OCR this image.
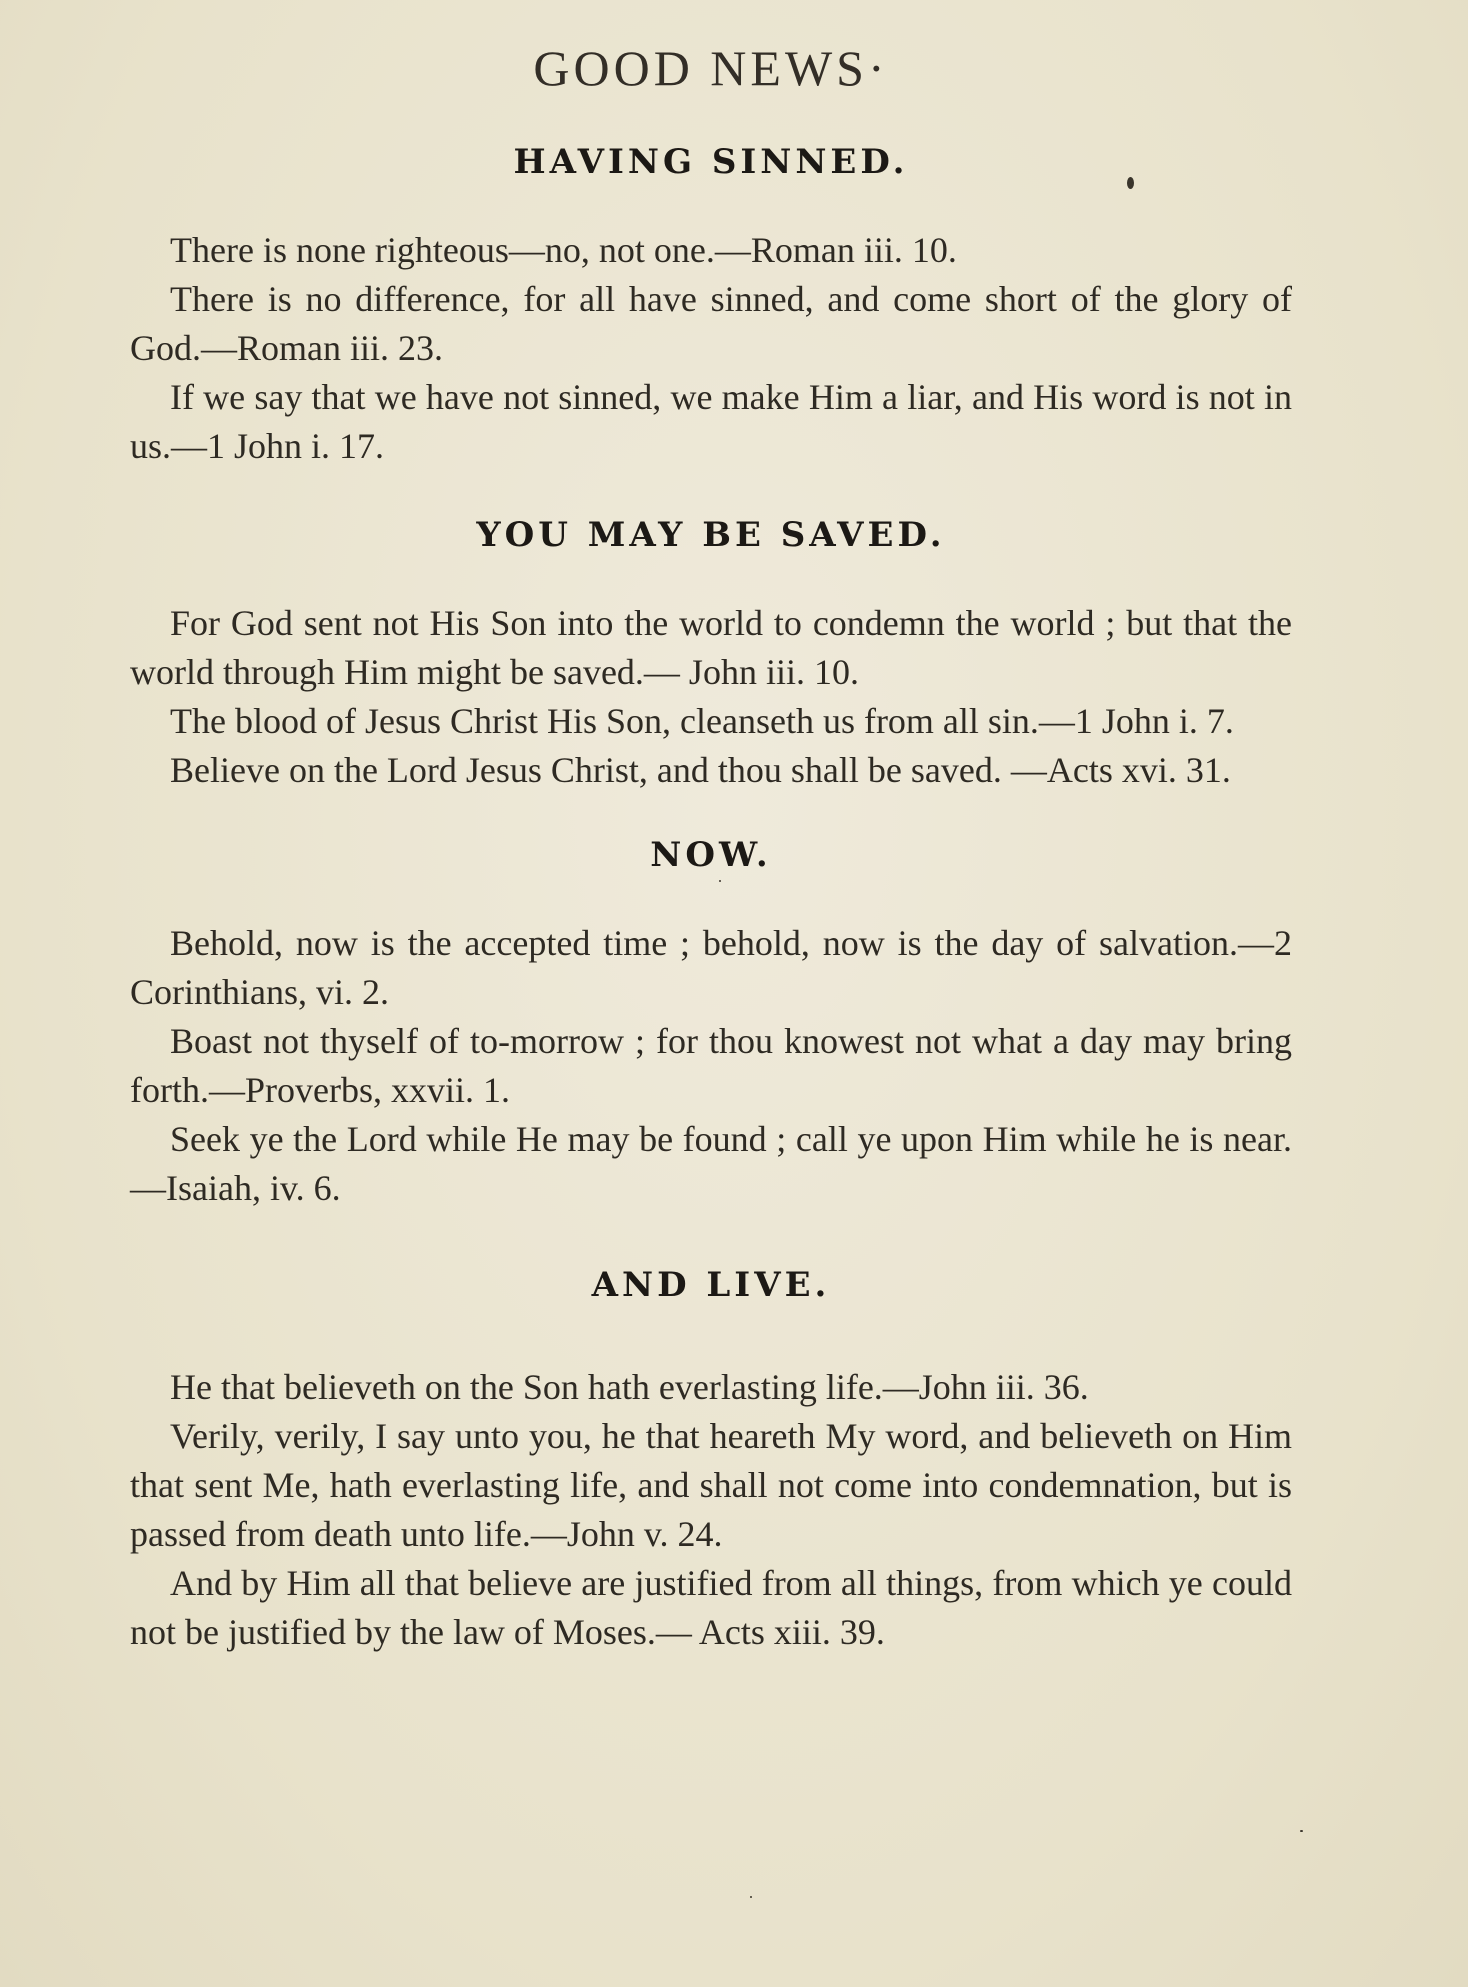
GOOD NEWS·
HAVING SINNED.

There is none righteous—no, not one.—Roman iii. 10.

There is no difference, for all have sinned, and come short of the glory of God.—Roman iii. 23.

If we say that we have not sinned, we make Him a liar, and His word is not in us.—1 John i. 17.

YOU MAY BE SAVED.

For God sent not His Son into the world to condemn the world ; but that the world through Him might be saved.— John iii. 10.

The blood of Jesus Christ His Son, cleanseth us from all sin.—1 John i. 7.

Believe on the Lord Jesus Christ, and thou shall be saved. —Acts xvi. 31.

NOW.

Behold, now is the accepted time ; behold, now is the day of salvation.—2 Corinthians, vi. 2.

Boast not thyself of to-morrow ; for thou knowest not what a day may bring forth.—Proverbs, xxvii. 1.

Seek ye the Lord while He may be found ; call ye upon Him while he is near.—Isaiah, iv. 6.

AND LIVE.

He that believeth on the Son hath everlasting life.—John iii. 36.

Verily, verily, I say unto you, he that heareth My word, and believeth on Him that sent Me, hath everlasting life, and shall not come into condemnation, but is passed from death unto life.—John v. 24.

And by Him all that believe are justified from all things, from which ye could not be justified by the law of Moses.— Acts xiii. 39.
